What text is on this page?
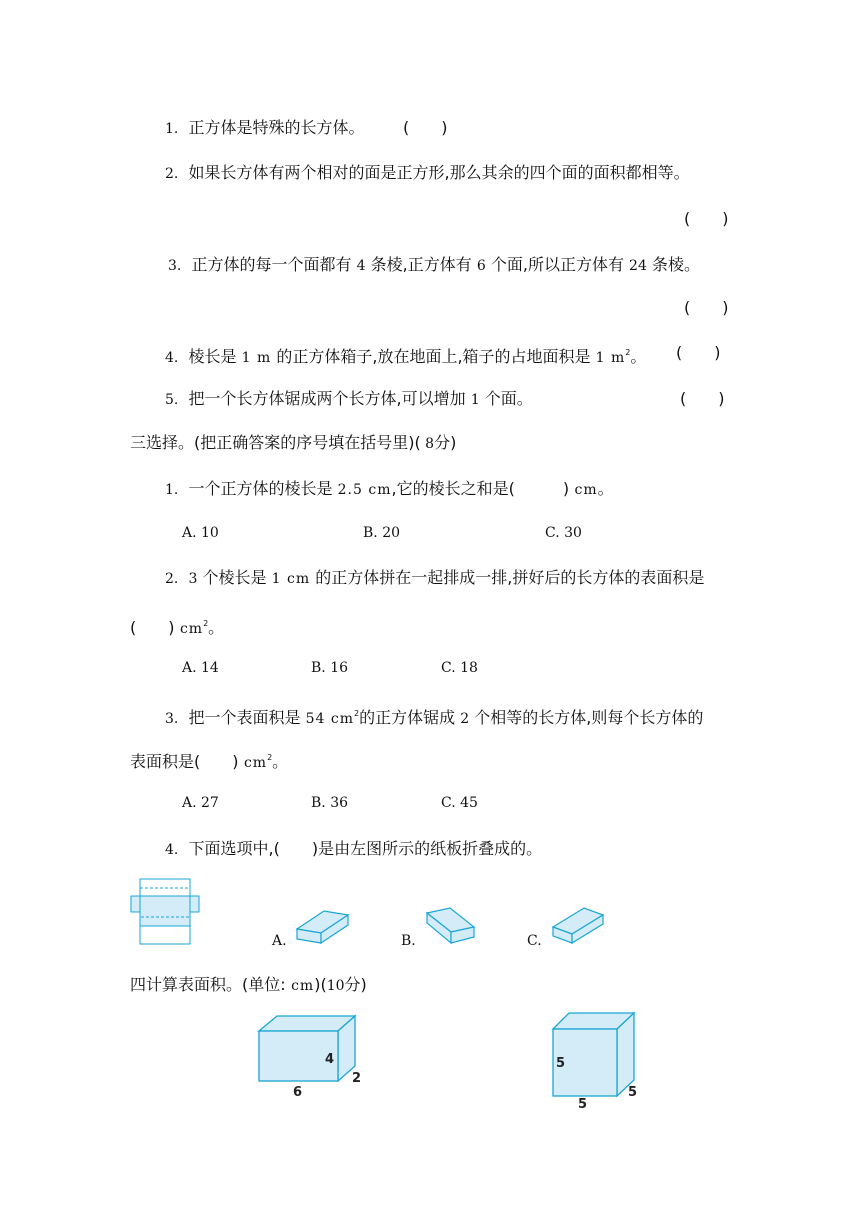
1. 正方体是特殊的长方体。 (　　)
2. 如果长方体有两个相对的面是正方形,那么其余的四个面的面积都相等。
(　　)
3. 正方体的每一个面都有 4 条棱,正方体有 6 个面,所以正方体有 24 条棱。
(　　)
4. 棱长是 1 m 的正方体箱子,放在地面上,箱子的占地面积是 1 $m^2$。 (　　)
5. 把一个长方体锯成两个长方体,可以增加 1 个面。	(　　)
三选择。(把正确答案的序号填在括号里)( 8分)
1. 一个正方体的棱长是 2.5 cm,它的棱长之和是(　　　) cm。
A. 10	B. 20	C. 30
2. 3 个棱长是 1 cm 的正方体拼在一起排成一排,拼好后的长方体的表面积是
(　　) $cm^2$。
A. 14	B. 16	C. 18
3. 把一个表面积是 54 $cm^2$的正方体锯成 2 个相等的长方体,则每个长方体的
表面积是(　　) $cm^2$。
A. 27	B. 36	C. 45
4. 下面选项中,(　　)是由左图所示的纸板折叠成的。
A.	B.	C.
四计算表面积。(单位: cm)(10分)
6
2
4	5
5
5
